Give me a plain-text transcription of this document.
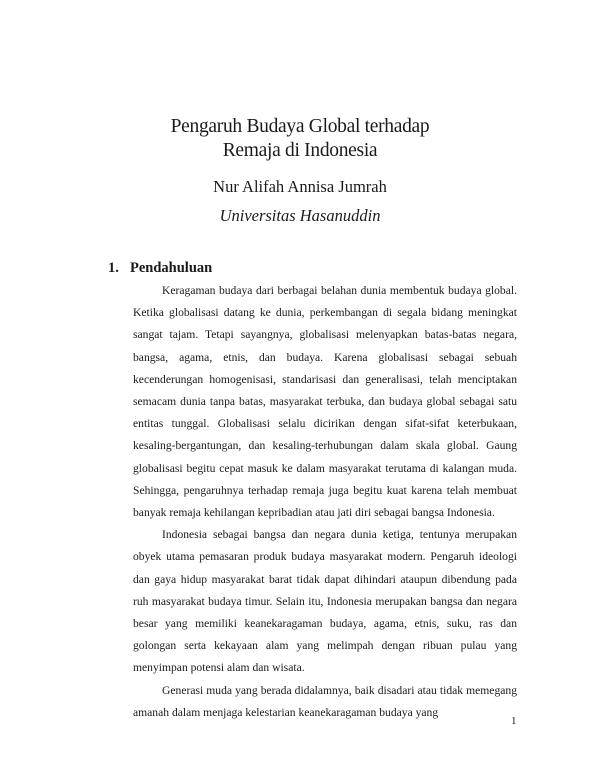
Pengaruh Budaya Global terhadap
Remaja di Indonesia
Nur Alifah Annisa Jumrah
Universitas Hasanuddin
1. Pendahuluan

Keragaman budaya dari berbagai belahan dunia membentuk budaya global. Ketika globalisasi datang ke dunia, perkembangan di segala bidang meningkat sangat tajam. Tetapi sayangnya, globalisasi melenyapkan batas-batas negara, bangsa, agama, etnis, dan budaya. Karena globalisasi sebagai sebuah kecenderungan homogenisasi, standarisasi dan generalisasi, telah menciptakan semacam dunia tanpa batas, masyarakat terbuka, dan budaya global sebagai satu entitas tunggal. Globalisasi selalu dicirikan dengan sifat-sifat keterbukaan, kesaling-bergantungan, dan kesaling-terhubungan dalam skala global. Gaung globalisasi begitu cepat masuk ke dalam masyarakat terutama di kalangan muda. Sehingga, pengaruhnya terhadap remaja juga begitu kuat karena telah membuat banyak remaja kehilangan kepribadian atau jati diri sebagai bangsa Indonesia.

Indonesia sebagai bangsa dan negara dunia ketiga, tentunya merupakan obyek utama pemasaran produk budaya masyarakat modern. Pengaruh ideologi dan gaya hidup masyarakat barat tidak dapat dihindari ataupun dibendung pada ruh masyarakat budaya timur. Selain itu, Indonesia merupakan bangsa dan negara besar yang memiliki keanekaragaman budaya, agama, etnis, suku, ras dan golongan serta kekayaan alam yang melimpah dengan ribuan pulau yang menyimpan potensi alam dan wisata.

Generasi muda yang berada didalamnya, baik disadari atau tidak memegang amanah dalam menjaga kelestarian keanekaragaman budaya yang

1
